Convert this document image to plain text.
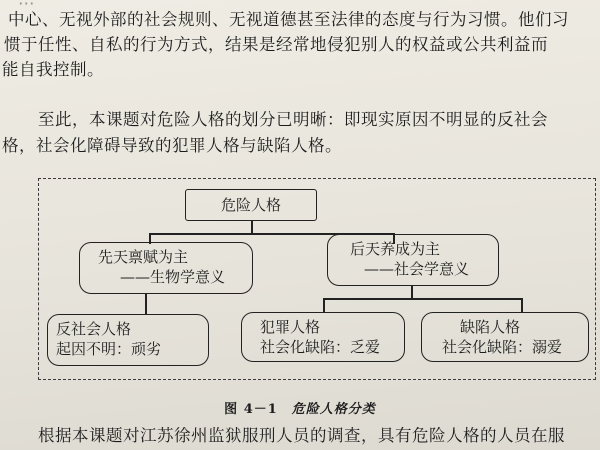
⋯
中心、无视外部的社会规则、无视道德甚至法律的态度与行为习惯。他们习
惯于任性、自私的行为方式，结果是经常地侵犯别人的权益或公共利益而
能自我控制。
至此，本课题对危险人格的划分已明晰：即现实原因不明显的反社会
格，社会化障碍导致的犯罪人格与缺陷人格。
危险人格
先天禀赋为主
——生物学意义
后天养成为主
——社会学意义
反社会人格
起因不明：顽劣
犯罪人格
社会化缺陷：乏爱
缺陷人格
社会化缺陷：溺爱
图 4－1 危险人格分类
根据本课题对江苏徐州监狱服刑人员的调查，具有危险人格的人员在服
